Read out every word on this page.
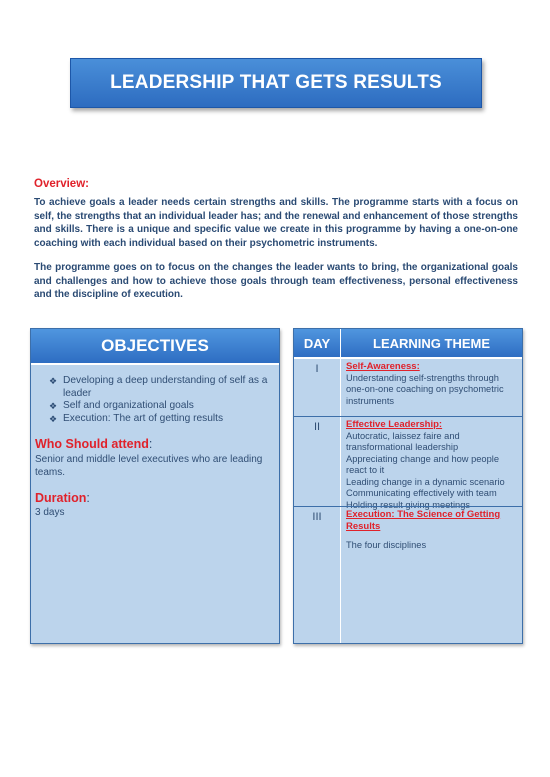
LEADERSHIP THAT GETS RESULTS
Overview:

To achieve goals a leader needs certain strengths and skills. The programme starts with a focus on self, the strengths that an individual leader has; and the renewal and enhancement of those strengths and skills. There is a unique and specific value we create in this programme by having a one-on-one coaching with each individual based on their psychometric instruments.

The programme goes on to focus on the changes the leader wants to bring, the organizational goals and challenges and how to achieve those goals through team effectiveness, personal effectiveness and the discipline of execution.

OBJECTIVES
❖ Developing a deep understanding of self as a leader
❖ Self and organizational goals
❖ Execution: The art of getting results
Who Should attend:
Senior and middle level executives who are leading teams.
Duration:
3 days
DAY	LEARNING THEME
I	Self-Awareness:
Understanding self-strengths through
one-on-one coaching on psychometric
instruments
II	Effective Leadership:
Autocratic, laissez faire and
transformational leadership
Appreciating change and how people
react to it
Leading change in a dynamic scenario
Communicating effectively with team
Holding result giving meetings
III	Execution: The Science of Getting Results
The four disciplines
